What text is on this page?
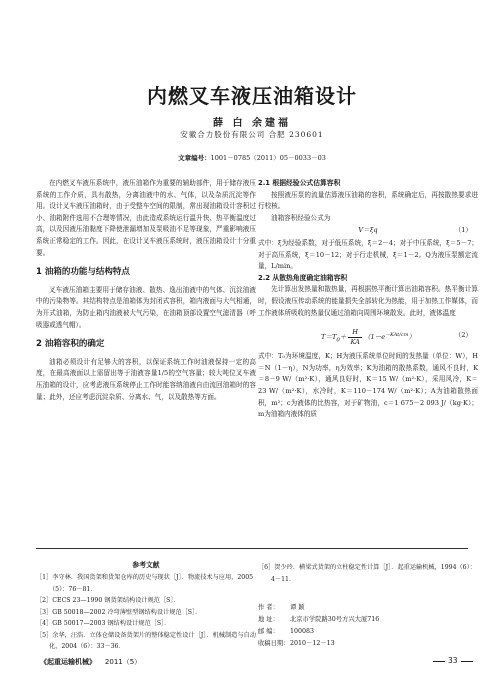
内燃叉车液压油箱设计
薛 白 余建福
安徽合力股份有限公司 合肥 230601
文章编号：1001－0785（2011）05－0033－03

在内燃叉车液压系统中，液压油箱作为重要的辅助部件，用于储存液压系统的工作介质，具有散热，分离油液中的水、气体，以及杂质沉淀等作用。设计叉车液压油箱时，由于受整车空间的限制，常出现油箱设计容积过小、油箱附件选用不合理等情况，由此造成系统运行温升快、热平衡温度过高，以及因液压油黏度下降使泄漏增加及泵吸油不足等现象，严重影响液压系统正常稳定的工作。因此，在设计叉车液压系统时，液压油箱设计十分重要。

1 油箱的功能与结构特点

叉车液压油箱主要用于储存油液、散热、逸出油液中的气体、沉淀油液中的污染物等。其结构特点是油箱体为封闭式容积，箱内液面与大气相通，为开式油箱，为防止箱内油液被大气污染，在油箱顶部设置空气滤清器（呼吸器或透气帽）。

2 油箱容积的确定

油箱必须设计有足够大的容积，以保证系统工作时油液保持一定的高度，在最高液面以上需留出等于油液容量1/5的空气容量；较大吨位叉车液压油箱的设计，应考虑液压系统停止工作时能容纳油液自由流回油箱时的容量；此外，还应考虑沉淀杂质、分离水、气，以及散热等方面。

2.1 根据经验公式估算容积

按照液压泵的流量估算液压油箱的容积，系统确定后，再按散热要求进行校核。

油箱容积经验公式为

V＝ξq	（1）

式中：ξ为经验系数，对于低压系统，ξ＝2－4；对于中压系统，ξ＝5－7；对于高压系统，ξ＝10－12；对于行走机械，ξ＝1－2。Q为液压泵额定流量，L/min。

2.2 从散热角度确定油箱容积

先计算出发热量和散热量，再根据热平衡计算出油箱容积。热平衡计算时，假设液压传动系统的能量损失全部转化为热能，用于加热工作媒体，而工作液体所吸收的热量仅通过油箱向周围环境散发。此时，液体温度

$T=T_0+ \frac{H}{KA} (1-e^{-KAt/cm})$	（2）

式中：T₀为环境温度，K；H为液压系统单位时间的发热量（单位：W），H＝N（1－η），N为功率，η为效率；K为油箱的散热系数，通风不良时，K＝8－9 W/（m²·K），通风良好时，K＝15 W/（m²·K），采用风冷，K＝23 W/（m²·K），水冷时，K＝110－174 W/（m²·K）；A为油箱散热面积，m²；c为液体的比热容，对于矿物油，c＝1 675－2 093 J/（kg·K）；m为油箱内液体的质

参考文献
［1］李守林．我国货架和货架仓库的历史与现状［J］．物流技术与应用，2005（5）：76－81．
［2］CECS 23—1990 钢货架结构设计规范［S］．
［3］GB 50018—2002 冷弯薄壁型钢结构设计规范［S］．
［4］GB 50017—2003 钢结构设计规范［S］．
［5］余华，汪浩．立体仓储设备货架片的整体稳定性设计［J］．机械制造与自动化，2004（6）：33－36．
［6］贺少玲．横梁式货架的立柱稳定性计算［J］．起重运输机械，1994（6）：4－11．
作 者： 谭 颖
地 址： 北京市学院路30号方兴大厦716
邮 编： 100083
收稿日期：2010－12－13
《起重运输机械》 2011（5）	33
